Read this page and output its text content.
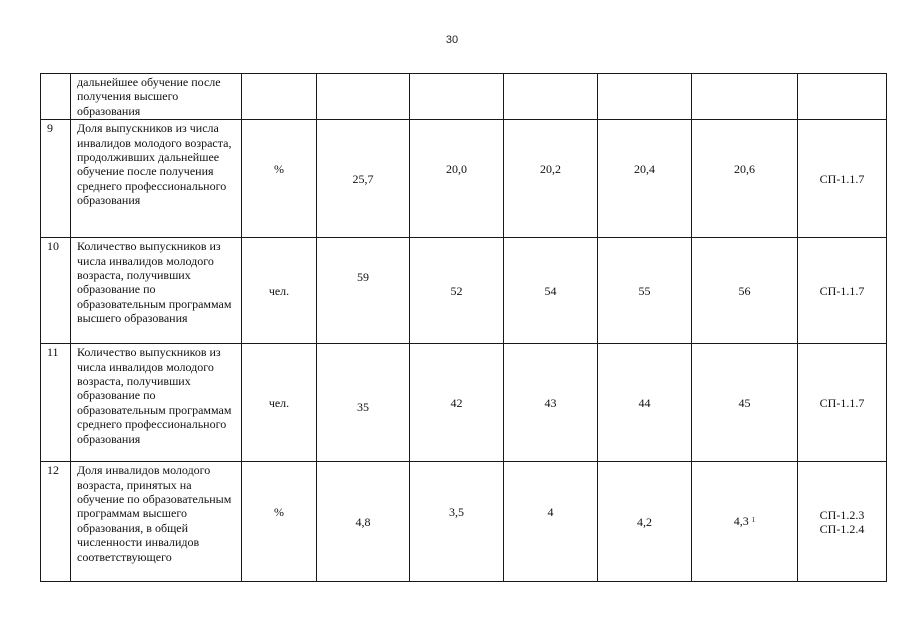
30
	дальнейшее обучение после получения высшего образования							
9	Доля выпускников из числа инвалидов молодого возраста, продолживших дальнейшее обучение после получения среднего профессионального образования	%	25,7	20,0	20,2	20,4	20,6	СП-1.1.7
10	Количество выпускников из числа инвалидов молодого возраста, получивших образование по образовательным программам высшего образования	чел.	59	52	54	55	56	СП-1.1.7
11	Количество выпускников из числа инвалидов молодого возраста, получивших образование по образовательным программам среднего профессионального образования	чел.	35	42	43	44	45	СП-1.1.7
12	Доля инвалидов молодого возраста, принятых на обучение по образовательным программам высшего образования, в общей численности инвалидов соответствующего	%	4,8	3,5	4	4,2	4,3 $^1$	СП-1.2.3
СП-1.2.4
